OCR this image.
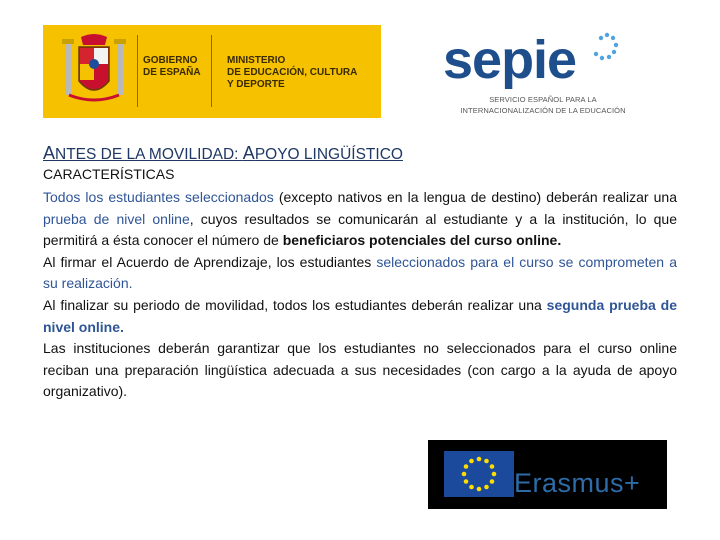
GOBIERNO
DE ESPAÑA
MINISTERIO
DE EDUCACIÓN, CULTURA
Y DEPORTE	sepie
SERVICIO ESPAÑOL PARA LA
INTERNACIONALIZACIÓN DE LA EDUCACIÓN
ANTES DE LA MOVILIDAD: APOYO LINGÜÍSTICO
CARACTERÍSTICAS

Todos los estudiantes seleccionados (excepto nativos en la lengua de destino) deberán realizar una prueba de nivel online, cuyos resultados se comunicarán al estudiante y a la institución, lo que permitirá a ésta conocer el número de beneficiaros potenciales del curso online.

Al firmar el Acuerdo de Aprendizaje, los estudiantes seleccionados para el curso se comprometen a su realización.

Al finalizar su periodo de movilidad, todos los estudiantes deberán realizar una segunda prueba de nivel online.

Las instituciones deberán garantizar que los estudiantes no seleccionados para el curso online reciban una preparación lingüística adecuada a sus necesidades (con cargo a la ayuda de apoyo organizativo).

Erasmus+
